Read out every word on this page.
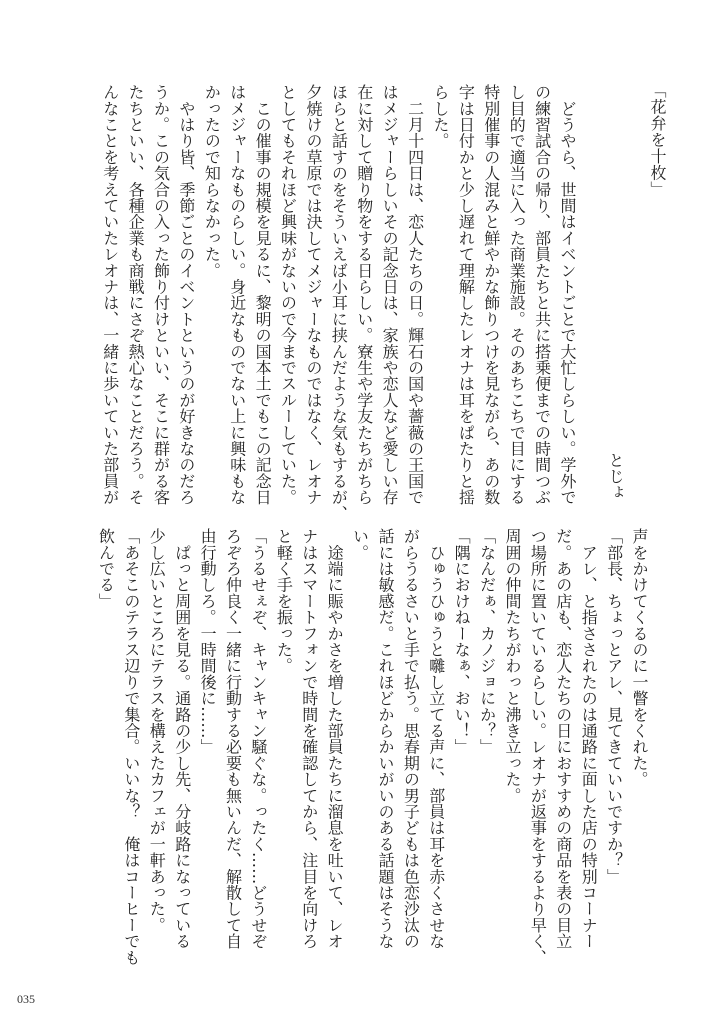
「花弁を十枚」
とじょ
　どうやら、世間はイベントごとで大忙しらしい。学外で
の練習試合の帰り、部員たちと共に搭乗便までの時間つぶ
し目的で適当に入った商業施設。そのあちこちで目にする
特別催事の人混みと鮮やかな飾りつけを見ながら、あの数
字は日付かと少し遅れて理解したレオナは耳をぱたりと揺
らした。
　二月十四日は、恋人たちの日。輝石の国や薔薇の王国で
はメジャーらしいその記念日は、家族や恋人など愛しい存
在に対して贈り物をする日らしい。寮生や学友たちがちら
ほらと話すのをそういえば小耳に挟んだような気もするが、
夕焼けの草原では決してメジャーなものではなく、レオナ
としてもそれほど興味がないので今までスルーしていた。
　この催事の規模を見るに、黎明の国本土でもこの記念日
はメジャーなものらしい。身近なものでない上に興味もな
かったので知らなかった。
　やはり皆、季節ごとのイベントというのが好きなのだろ
うか。この気合の入った飾り付けといい、そこに群がる客
たちといい、各種企業も商戦にさぞ熱心なことだろう。そ
んなことを考えていたレオナは、一緒に歩いていた部員が
声をかけてくるのに一瞥をくれた。
「部長、ちょっとアレ、見てきていいですか？」
　アレ、と指さされたのは通路に面した店の特別コーナー
だ。あの店も、恋人たちの日におすすめの商品を表の目立
つ場所に置いているらしい。レオナが返事をするより早く、
周囲の仲間たちがわっと沸き立った。
「なんだぁ、カノジョにか？」
「隅におけねーなぁ、おい！」
　ひゅうひゅうと囃し立てる声に、部員は耳を赤くさせな
がらうるさいと手で払う。思春期の男子どもは色恋沙汰の
話には敏感だ。これほどからかいがいのある話題はそうな
い。
　途端に賑やかさを増した部員たちに溜息を吐いて、レオ
ナはスマートフォンで時間を確認してから、注目を向けろ
と軽く手を振った。
「うるせぇぞ、キャンキャン騒ぐな。ったく……どうせぞ
ろぞろ仲良く一緒に行動する必要も無いんだ、解散して自
由行動しろ。一時間後に……」
　ぱっと周囲を見る。通路の少し先、分岐路になっている
少し広いところにテラスを構えたカフェが一軒あった。
「あそこのテラス辺りで集合。いいな？　俺はコーヒーでも
飲んでる」
035
